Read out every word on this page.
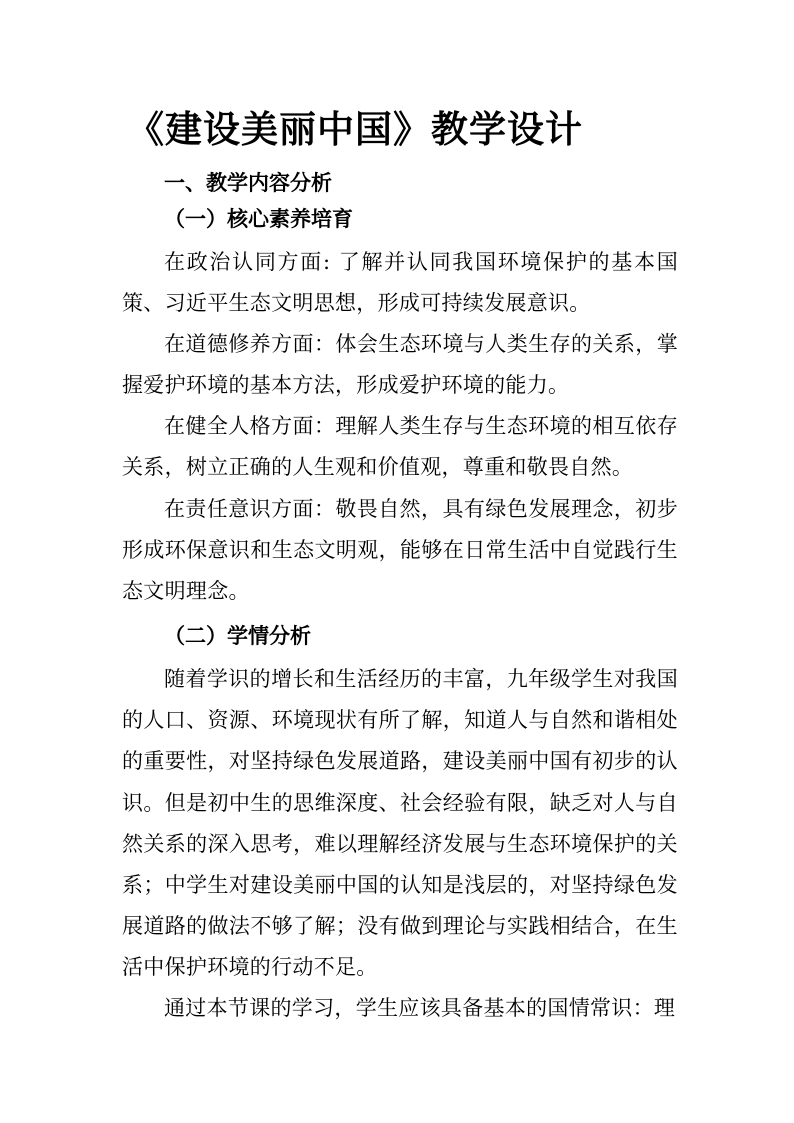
《建设美丽中国》教学设计
一、教学内容分析
（一）核心素养培育

在政治认同方面: 了解并认同我国环境保护的基本国策、习近平生态文明思想，形成可持续发展意识。

在道德修养方面：体会生态环境与人类生存的关系，掌握爱护环境的基本方法，形成爱护环境的能力。

在健全人格方面：理解人类生存与生态环境的相互依存关系，树立正确的人生观和价值观，尊重和敬畏自然。

在责任意识方面：敬畏自然，具有绿色发展理念，初步形成环保意识和生态文明观，能够在日常生活中自觉践行生态文明理念。

（二）学情分析

随着学识的增长和生活经历的丰富，九年级学生对我国的人口、资源、环境现状有所了解，知道人与自然和谐相处的重要性，对坚持绿色发展道路，建设美丽中国有初步的认识。但是初中生的思维深度、社会经验有限，缺乏对人与自然关系的深入思考，难以理解经济发展与生态环境保护的关系；中学生对建设美丽中国的认知是浅层的，对坚持绿色发展道路的做法不够了解；没有做到理论与实践相结合，在生活中保护环境的行动不足。

通过本节课的学习，学生应该具备基本的国情常识：理
